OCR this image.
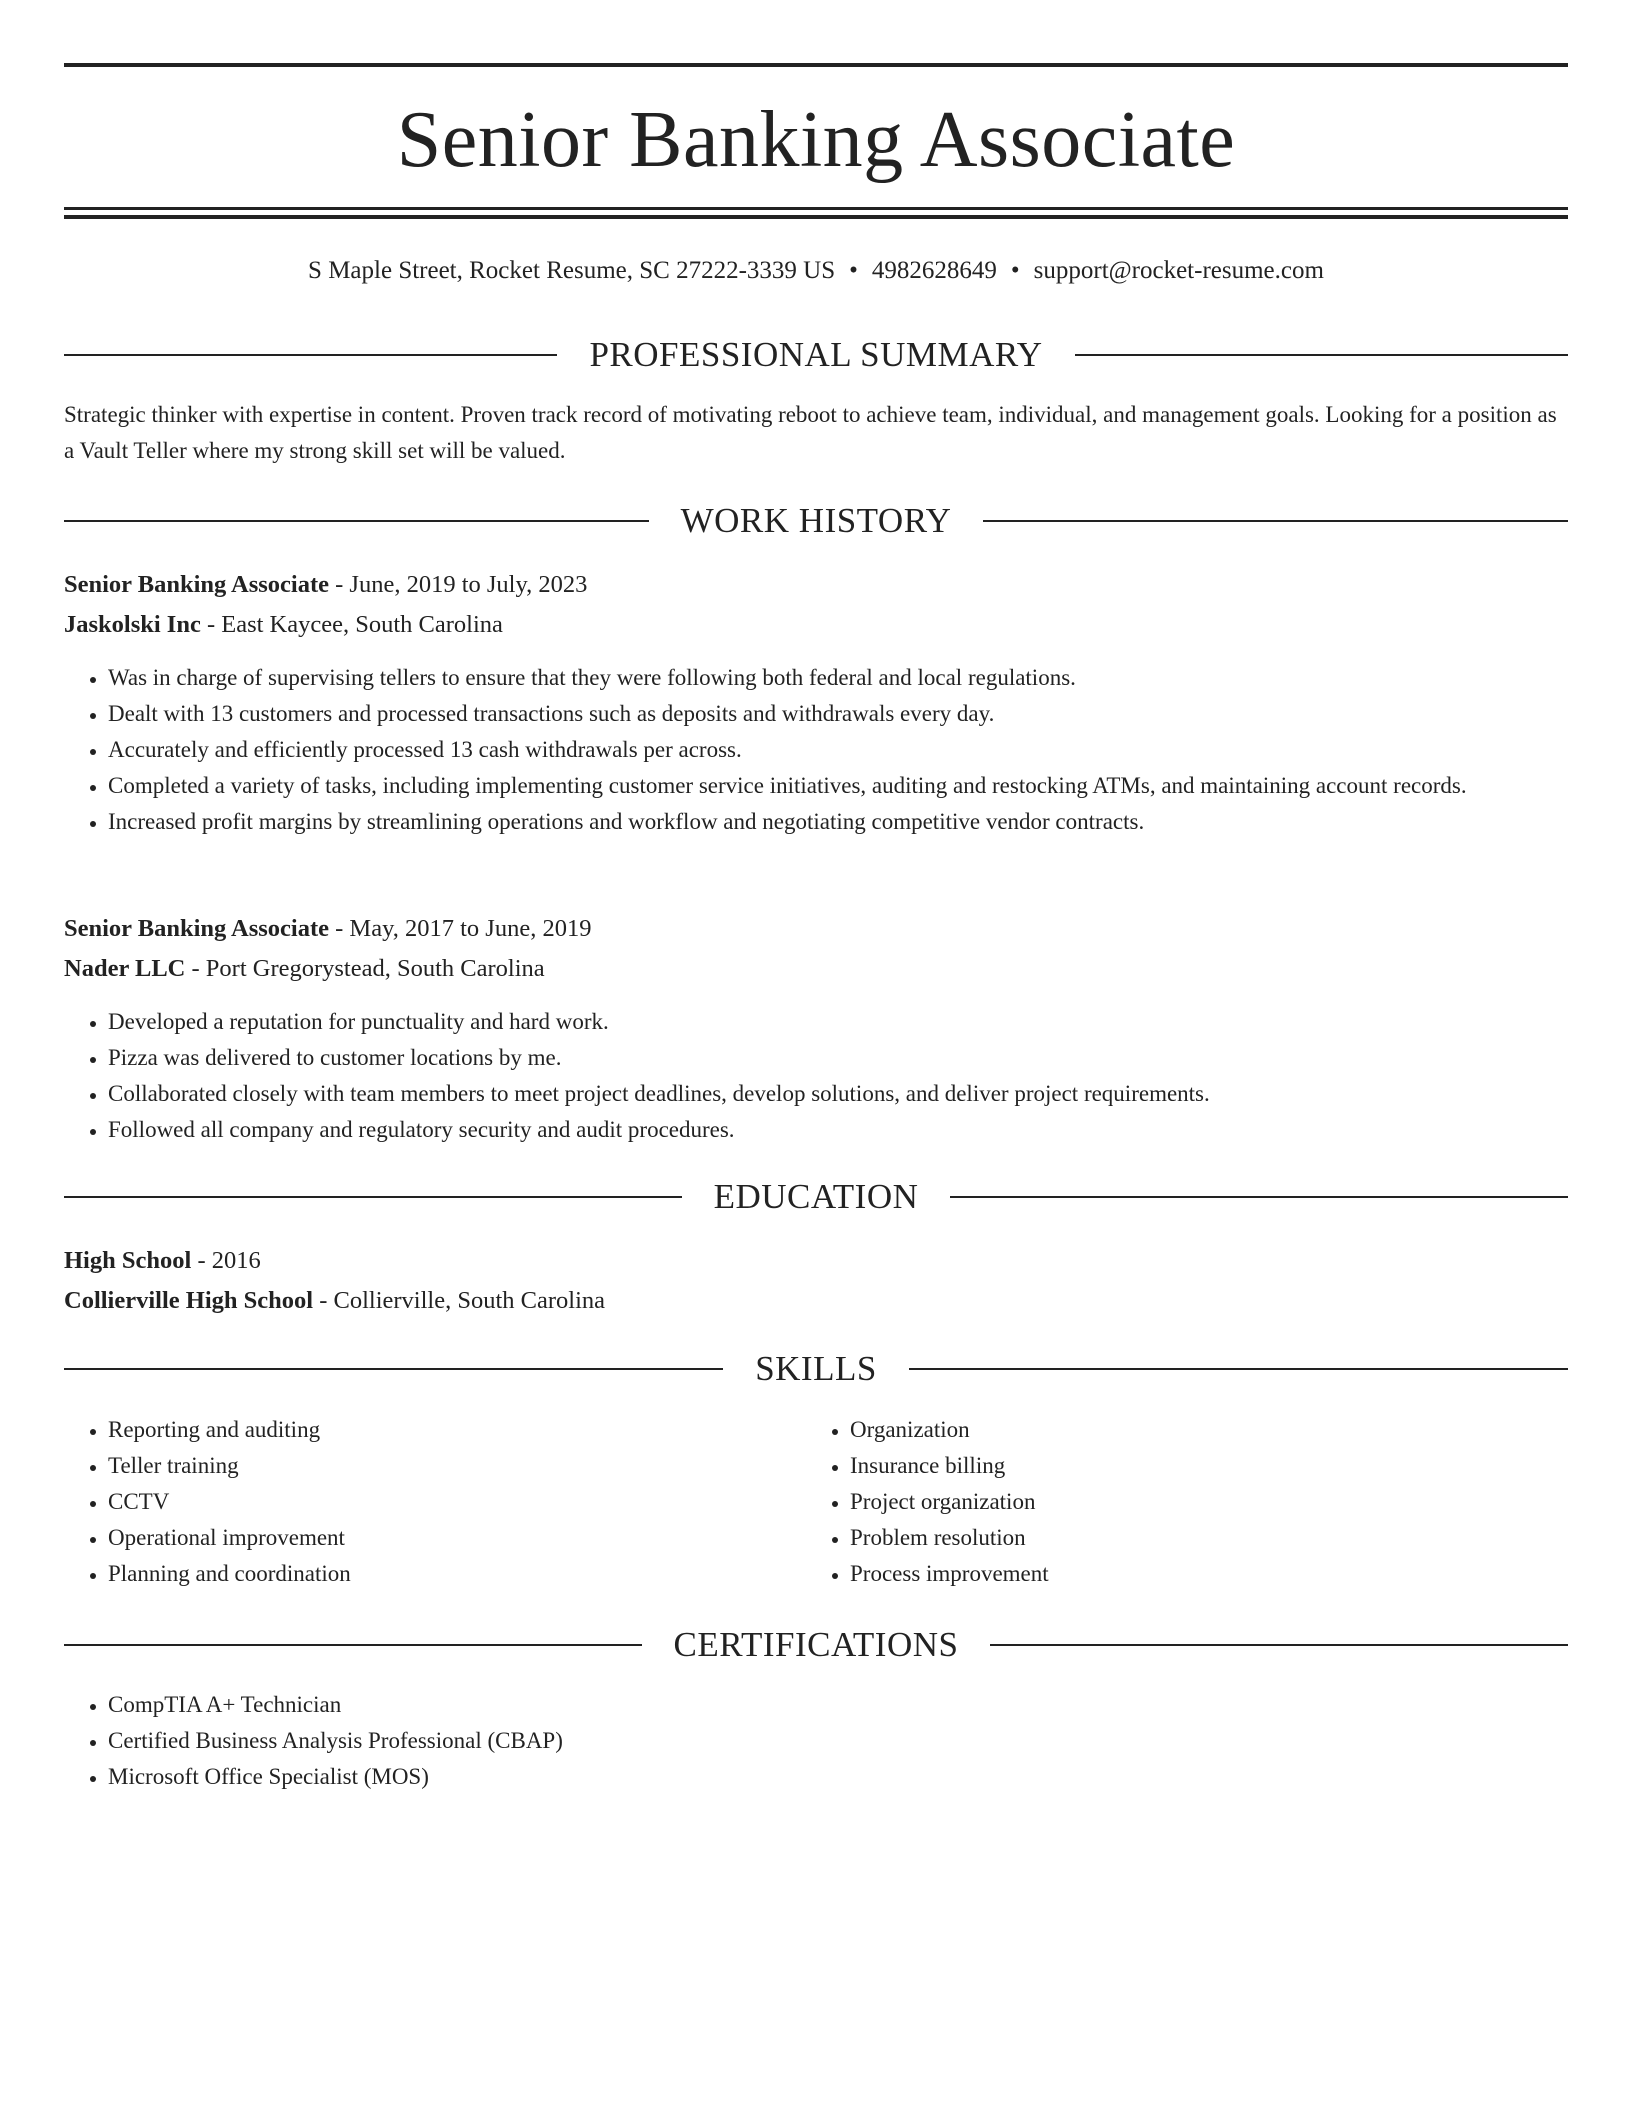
Senior Banking Associate
S Maple Street, Rocket Resume, SC 27222-3339 US • 4982628649 • support@rocket-resume.com
PROFESSIONAL SUMMARY
Strategic thinker with expertise in content. Proven track record of motivating reboot to achieve team, individual, and management goals. Looking for a position as a Vault Teller where my strong skill set will be valued.
WORK HISTORY
Senior Banking Associate - June, 2019 to July, 2023
Jaskolski Inc - East Kaycee, South Carolina
• Was in charge of supervising tellers to ensure that they were following both federal and local regulations.
• Dealt with 13 customers and processed transactions such as deposits and withdrawals every day.
• Accurately and efficiently processed 13 cash withdrawals per across.
• Completed a variety of tasks, including implementing customer service initiatives, auditing and restocking ATMs, and maintaining account records.
• Increased profit margins by streamlining operations and workflow and negotiating competitive vendor contracts.
Senior Banking Associate - May, 2017 to June, 2019
Nader LLC - Port Gregorystead, South Carolina
• Developed a reputation for punctuality and hard work.
• Pizza was delivered to customer locations by me.
• Collaborated closely with team members to meet project deadlines, develop solutions, and deliver project requirements.
• Followed all company and regulatory security and audit procedures.
EDUCATION
High School - 2016
Collierville High School - Collierville, South Carolina
SKILLS
• Reporting and auditing
• Teller training
• CCTV
• Operational improvement
• Planning and coordination
• Organization
• Insurance billing
• Project organization
• Problem resolution
• Process improvement
CERTIFICATIONS
• CompTIA A+ Technician
• Certified Business Analysis Professional (CBAP)
• Microsoft Office Specialist (MOS)
